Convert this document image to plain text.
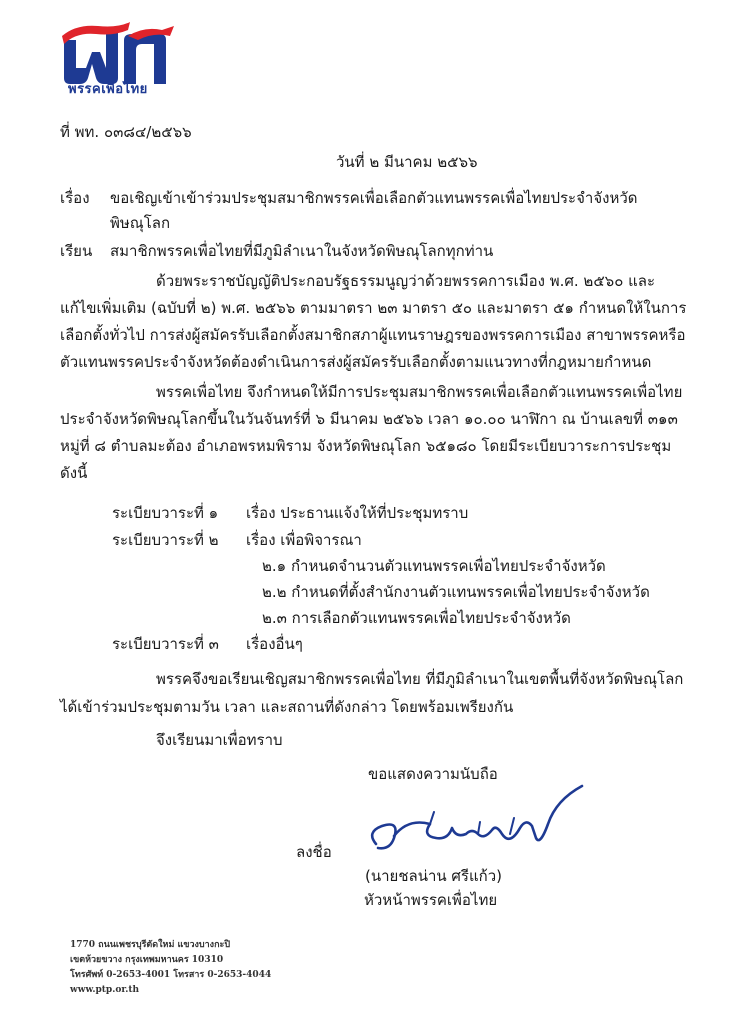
พรรคเพื่อไทย
ที่ พท. ๐๓๘๔/๒๕๖๖
วันที่ ๒ มีนาคม ๒๕๖๖
เรื่อง ขอเชิญเข้าเข้าร่วมประชุมสมาชิกพรรคเพื่อเลือกตัวแทนพรรคเพื่อไทยประจำจังหวัด
พิษณุโลก
เรียน สมาชิกพรรคเพื่อไทยที่มีภูมิลำเนาในจังหวัดพิษณุโลกทุกท่าน
ด้วยพระราชบัญญัติประกอบรัฐธรรมนูญว่าด้วยพรรคการเมือง พ.ศ. ๒๕๖๐ และ
แก้ไขเพิ่มเติม (ฉบับที่ ๒) พ.ศ. ๒๕๖๖ ตามมาตรา ๒๓ มาตรา ๕๐ และมาตรา ๕๑ กำหนดให้ในการ
เลือกตั้งทั่วไป การส่งผู้สมัครรับเลือกตั้งสมาชิกสภาผู้แทนราษฎรของพรรคการเมือง สาขาพรรคหรือ
ตัวแทนพรรคประจำจังหวัดต้องดำเนินการส่งผู้สมัครรับเลือกตั้งตามแนวทางที่กฎหมายกำหนด
พรรคเพื่อไทย จึงกำหนดให้มีการประชุมสมาชิกพรรคเพื่อเลือกตัวแทนพรรคเพื่อไทย
ประจำจังหวัดพิษณุโลกขึ้นในวันจันทร์ที่ ๖ มีนาคม ๒๕๖๖ เวลา ๑๐.๐๐ นาฬิกา ณ บ้านเลขที่ ๓๑๓
หมู่ที่ ๘ ตำบลมะต้อง อำเภอพรหมพิราม จังหวัดพิษณุโลก ๖๕๑๘๐ โดยมีระเบียบวาระการประชุม
ดังนี้
ระเบียบวาระที่ ๑ เรื่อง ประธานแจ้งให้ที่ประชุมทราบ
ระเบียบวาระที่ ๒ เรื่อง เพื่อพิจารณา
๒.๑ กำหนดจำนวนตัวแทนพรรคเพื่อไทยประจำจังหวัด
๒.๒ กำหนดที่ตั้งสำนักงานตัวแทนพรรคเพื่อไทยประจำจังหวัด
๒.๓ การเลือกตัวแทนพรรคเพื่อไทยประจำจังหวัด
ระเบียบวาระที่ ๓ เรื่องอื่นๆ
พรรคจึงขอเรียนเชิญสมาชิกพรรคเพื่อไทย ที่มีภูมิลำเนาในเขตพื้นที่จังหวัดพิษณุโลก
ได้เข้าร่วมประชุมตามวัน เวลา และสถานที่ดังกล่าว โดยพร้อมเพรียงกัน
จึงเรียนมาเพื่อทราบ
ขอแสดงความนับถือ
ลงชื่อ
(นายชลน่าน ศรีแก้ว)
หัวหน้าพรรคเพื่อไทย
1770 ถนนเพชรบุรีตัดใหม่ แขวงบางกะปิ
เขตห้วยขวาง กรุงเทพมหานคร 10310
โทรศัพท์ 0-2653-4001 โทรสาร 0-2653-4044
www.ptp.or.th
